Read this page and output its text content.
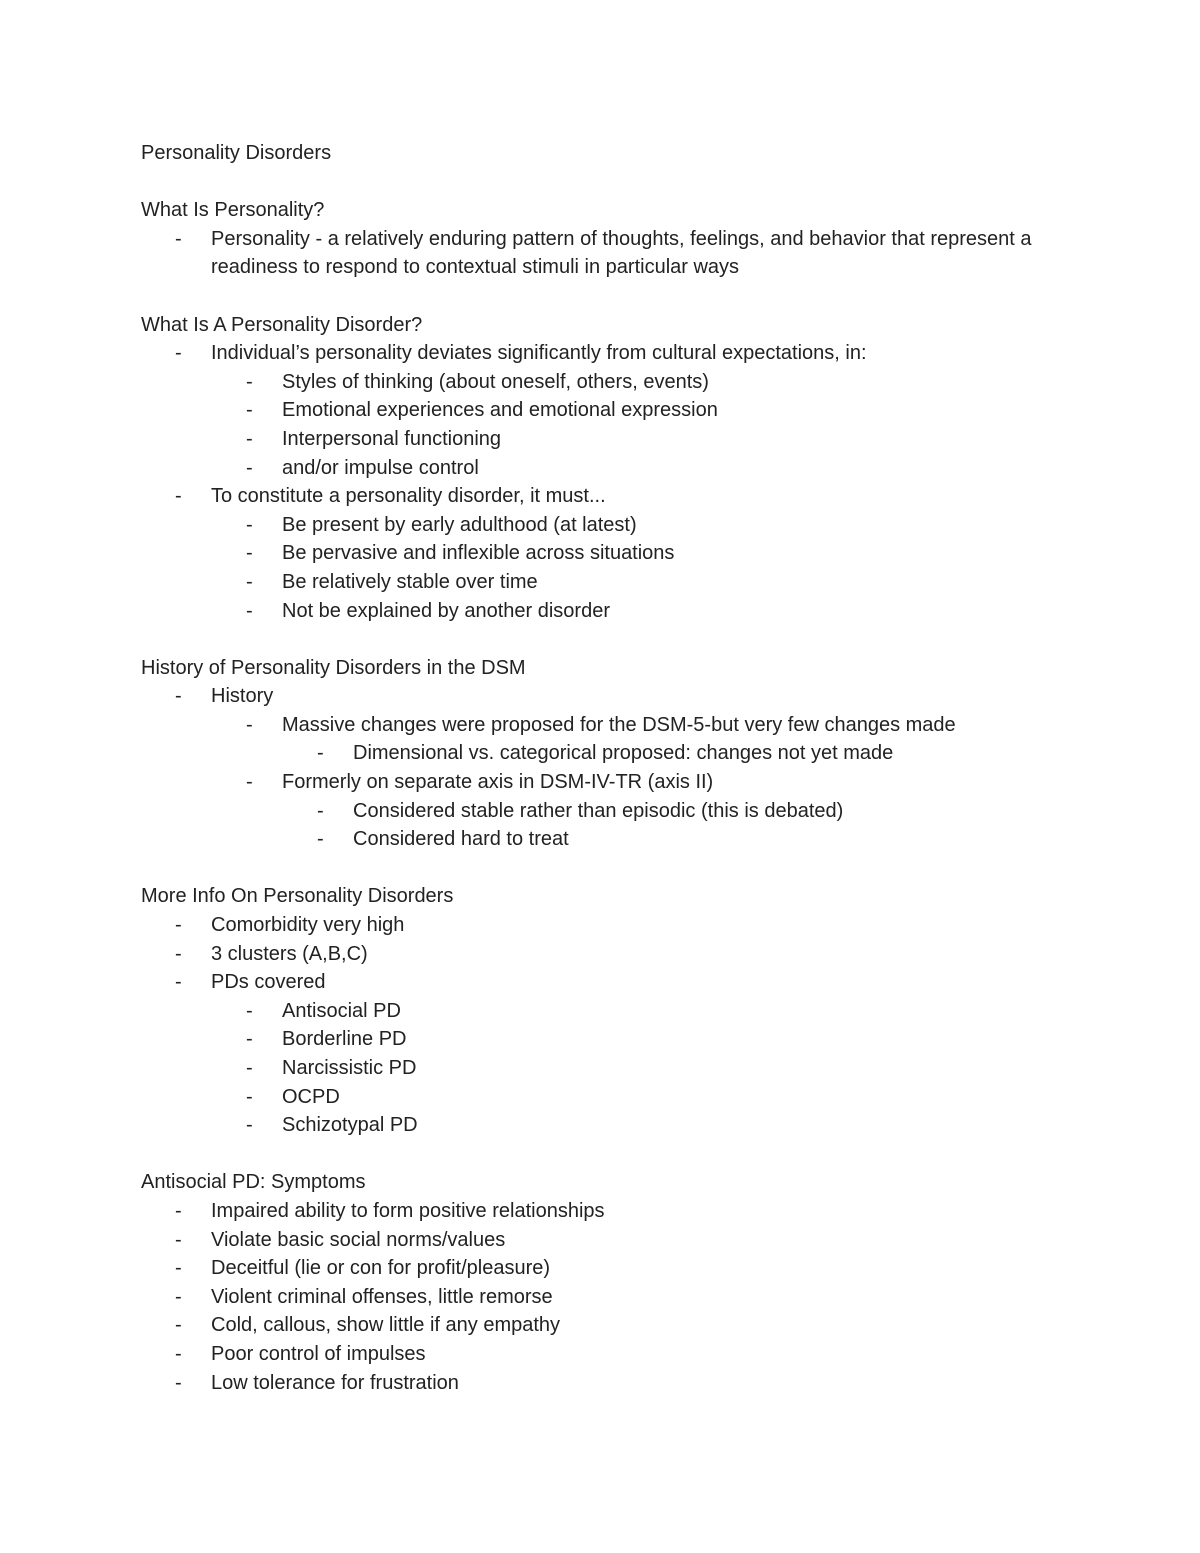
Personality Disorders

What Is Personality?

- Personality - a relatively enduring pattern of thoughts, feelings, and behavior that represent a readiness to respond to contextual stimuli in particular ways

What Is A Personality Disorder?

- Individual’s personality deviates significantly from cultural expectations, in:

- Styles of thinking (about oneself, others, events)

- Emotional experiences and emotional expression

- Interpersonal functioning

- and/or impulse control

- To constitute a personality disorder, it must...

- Be present by early adulthood (at latest)

- Be pervasive and inflexible across situations

- Be relatively stable over time

- Not be explained by another disorder

History of Personality Disorders in the DSM

- History

- Massive changes were proposed for the DSM-5-but very few changes made

- Dimensional vs. categorical proposed: changes not yet made

- Formerly on separate axis in DSM-IV-TR (axis II)

- Considered stable rather than episodic (this is debated)

- Considered hard to treat

More Info On Personality Disorders

- Comorbidity very high

- 3 clusters (A,B,C)

- PDs covered

- Antisocial PD

- Borderline PD

- Narcissistic PD

- OCPD

- Schizotypal PD

Antisocial PD: Symptoms

- Impaired ability to form positive relationships

- Violate basic social norms/values

- Deceitful (lie or con for profit/pleasure)

- Violent criminal offenses, little remorse

- Cold, callous, show little if any empathy

- Poor control of impulses

- Low tolerance for frustration
